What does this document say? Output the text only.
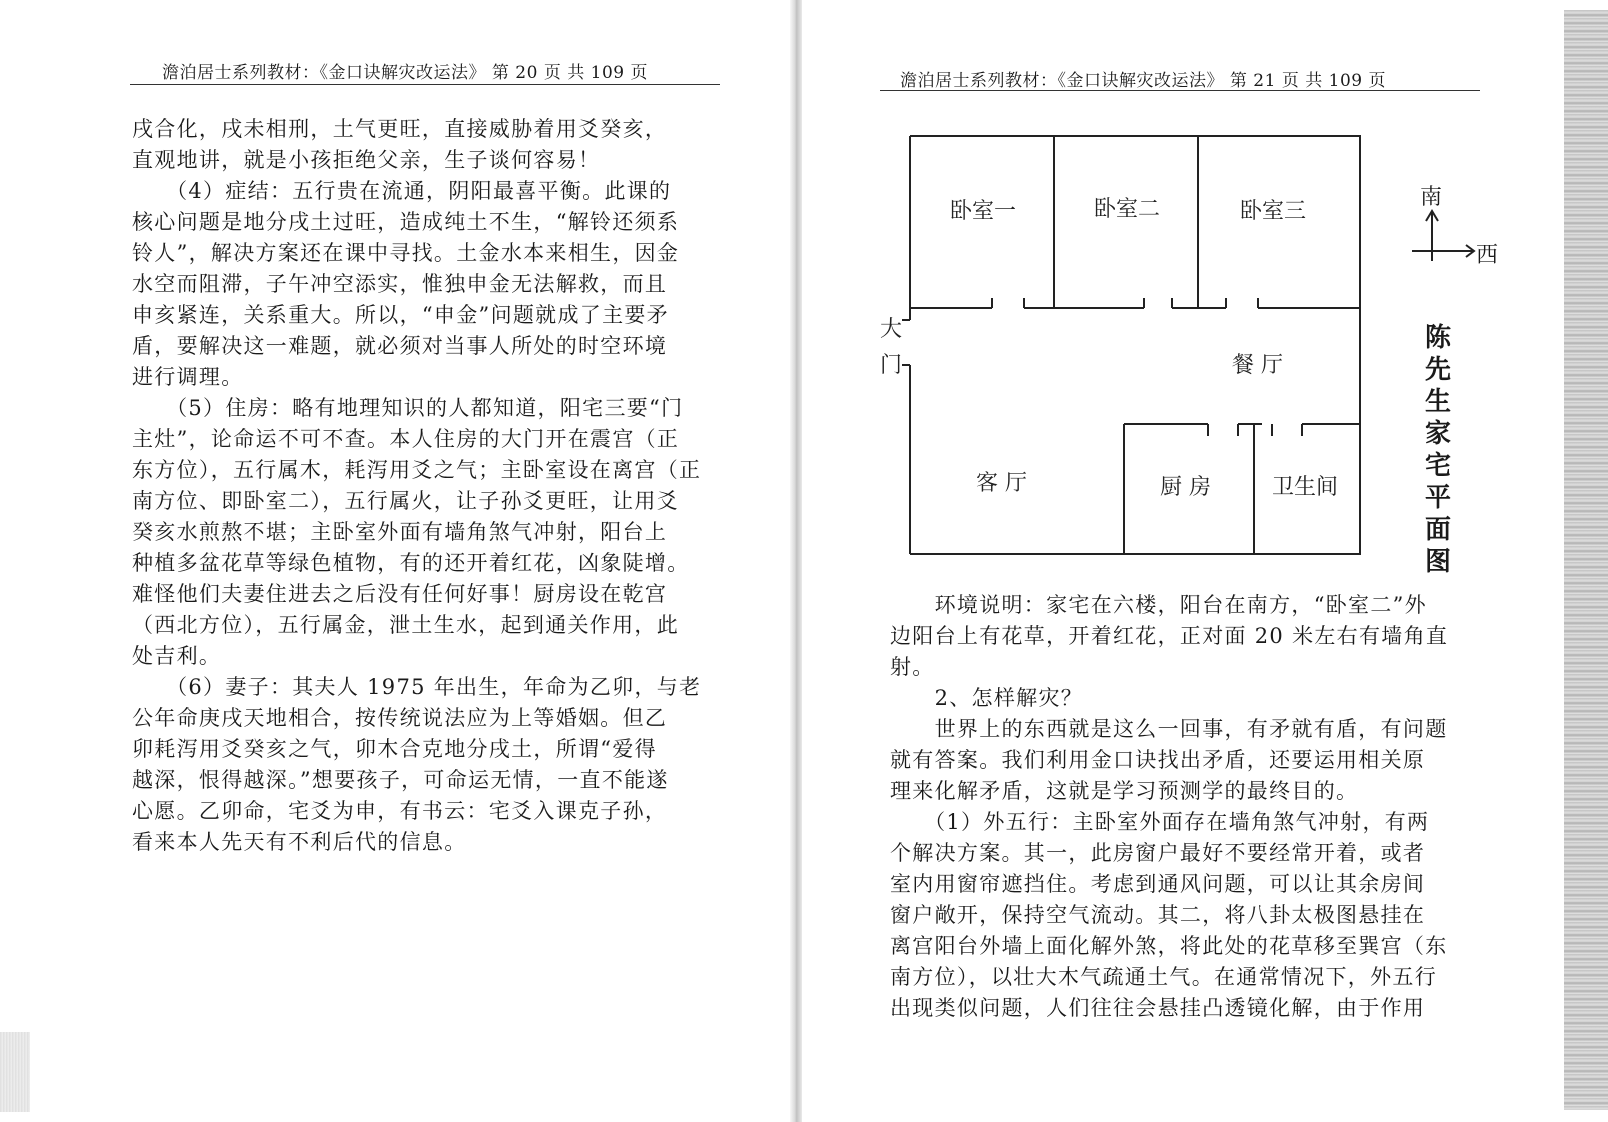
澹泊居士系列教材：《金口诀解灾改运法》 第 20 页 共 109 页

戌合化，戌未相刑，土气更旺，直接威胁着用爻癸亥，

直观地讲，就是小孩拒绝父亲，生子谈何容易！

　　（4）症结：五行贵在流通，阴阳最喜平衡。此课的

核心问题是地分戌土过旺，造成纯土不生，“解铃还须系

铃人”，解决方案还在课中寻找。土金水本来相生，因金

水空而阻滞，子午冲空添实，惟独申金无法解救，而且

申亥紧连，关系重大。所以，“申金”问题就成了主要矛

盾，要解决这一难题，就必须对当事人所处的时空环境

进行调理。

　　（5）住房：略有地理知识的人都知道，阳宅三要“门

主灶”，论命运不可不查。本人住房的大门开在震宫（正

东方位），五行属木，耗泻用爻之气；主卧室设在离宫（正

南方位、即卧室二），五行属火，让子孙爻更旺，让用爻

癸亥水煎熬不堪；主卧室外面有墙角煞气冲射，阳台上

种植多盆花草等绿色植物，有的还开着红花，凶象陡增。

难怪他们夫妻住进去之后没有任何好事！厨房设在乾宫

（西北方位），五行属金，泄土生水，起到通关作用，此

处吉利。

　　（6）妻子：其夫人 1975 年出生，年命为乙卯，与老

公年命庚戌天地相合，按传统说法应为上等婚姻。但乙

卯耗泻用爻癸亥之气，卯木合克地分戌土，所谓“爱得

越深，恨得越深。”想要孩子，可命运无情，一直不能遂

心愿。乙卯命，宅爻为申，有书云：宅爻入课克子孙，

看来本人先天有不利后代的信息。

澹泊居士系列教材：《金口诀解灾改运法》 第 21 页 共 109 页
卧室一	卧室二	卧室三
餐 厅
客 厅	厨 房	卫生间
大
门
南
西
陈先生家宅平面图

　　环境说明：家宅在六楼，阳台在南方，“卧室二”外

边阳台上有花草，开着红花，正对面 20 米左右有墙角直

射。

　　2、怎样解灾？

　　世界上的东西就是这么一回事，有矛就有盾，有问题

就有答案。我们利用金口诀找出矛盾，还要运用相关原

理来化解矛盾，这就是学习预测学的最终目的。

　　（1）外五行：主卧室外面存在墙角煞气冲射，有两

个解决方案。其一，此房窗户最好不要经常开着，或者

室内用窗帘遮挡住。考虑到通风问题，可以让其余房间

窗户敞开，保持空气流动。其二，将八卦太极图悬挂在

离宫阳台外墙上面化解外煞，将此处的花草移至巽宫（东

南方位），以壮大木气疏通土气。在通常情况下，外五行

出现类似问题，人们往往会悬挂凸透镜化解，由于作用
